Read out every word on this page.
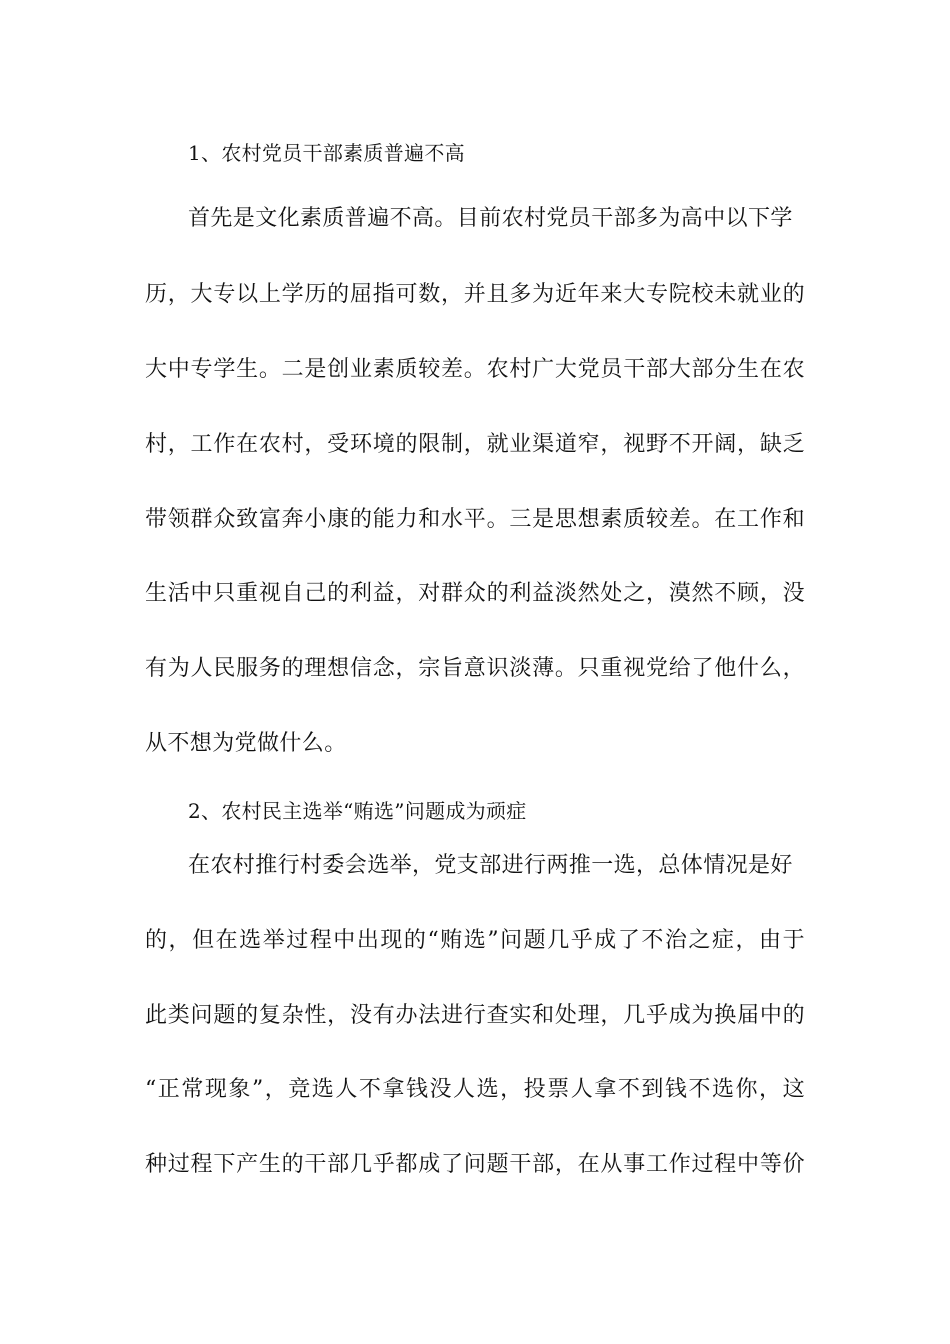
1、农村党员干部素质普遍不高
首先是文化素质普遍不高。目前农村党员干部多为高中以下学
历，大专以上学历的屈指可数，并且多为近年来大专院校未就业的
大中专学生。二是创业素质较差。农村广大党员干部大部分生在农
村，工作在农村，受环境的限制，就业渠道窄，视野不开阔，缺乏
带领群众致富奔小康的能力和水平。三是思想素质较差。在工作和
生活中只重视自己的利益，对群众的利益淡然处之，漠然不顾，没
有为人民服务的理想信念，宗旨意识淡薄。只重视党给了他什么，
从不想为党做什么。
2、农村民主选举“贿选”问题成为顽症
在农村推行村委会选举，党支部进行两推一选，总体情况是好
的，但在选举过程中出现的“贿选”问题几乎成了不治之症，由于
此类问题的复杂性，没有办法进行查实和处理，几乎成为换届中的
“正常现象”，竞选人不拿钱没人选，投票人拿不到钱不选你，这
种过程下产生的干部几乎都成了问题干部，在从事工作过程中等价
